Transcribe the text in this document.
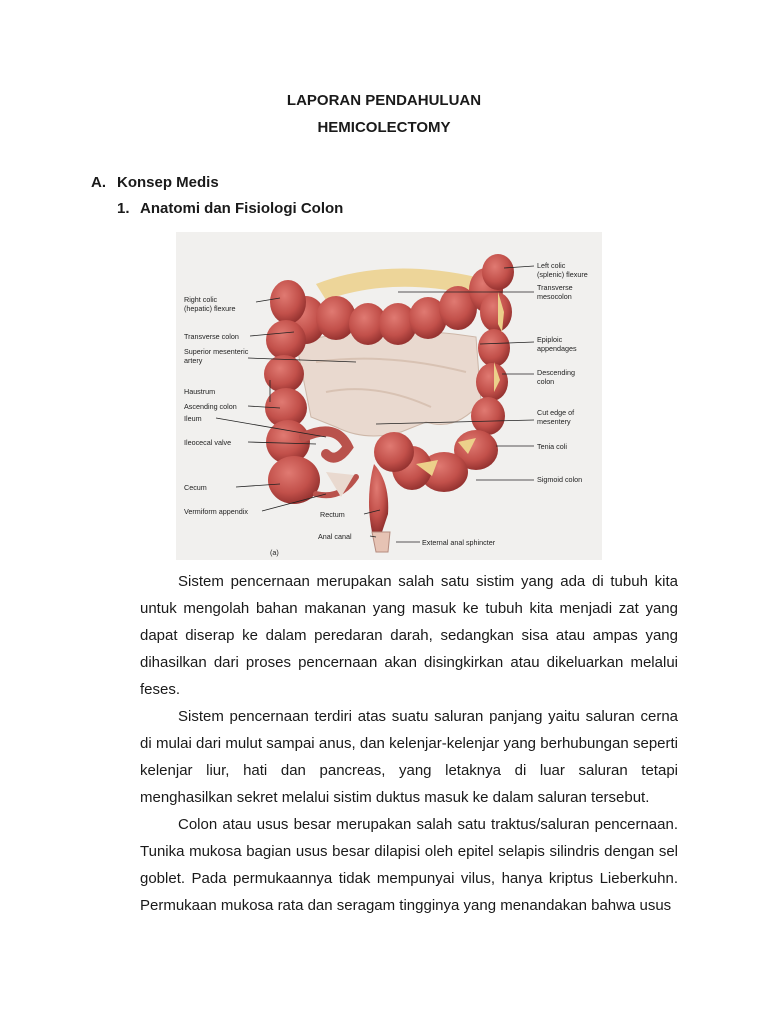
LAPORAN PENDAHULUAN
HEMICOLECTOMY
A. Konsep Medis
1. Anatomi dan Fisiologi Colon
Right colic
(hepatic) flexure
Transverse colon
Superior mesenteric
artery
Haustrum
Ascending colon
Ileum
Ileocecal valve
Cecum
Vermiform appendix
Left colic
(splenic) flexure
Transverse
mesocolon
Epiploic
appendages
Descending
colon
Cut edge of
mesentery
Tenia coli
Sigmoid colon
Rectum
Anal canal
External anal sphincter
(a)

Sistem pencernaan merupakan salah satu sistim yang ada di tubuh kita untuk mengolah bahan makanan yang masuk ke tubuh kita menjadi zat yang dapat diserap ke dalam peredaran darah, sedangkan sisa atau ampas yang dihasilkan dari proses pencernaan akan disingkirkan atau dikeluarkan melalui feses.

Sistem pencernaan terdiri atas suatu saluran panjang yaitu saluran cerna di mulai dari mulut sampai anus, dan kelenjar-kelenjar yang berhubungan seperti kelenjar liur, hati dan pancreas, yang letaknya di luar saluran tetapi menghasilkan sekret melalui sistim duktus masuk ke dalam saluran tersebut.

Colon atau usus besar merupakan salah satu traktus/saluran pencernaan. Tunika mukosa bagian usus besar dilapisi oleh epitel selapis silindris dengan sel goblet. Pada permukaannya tidak mempunyai vilus, hanya kriptus Lieberkuhn. Permukaan mukosa rata dan seragam tingginya yang menandakan bahwa usus
